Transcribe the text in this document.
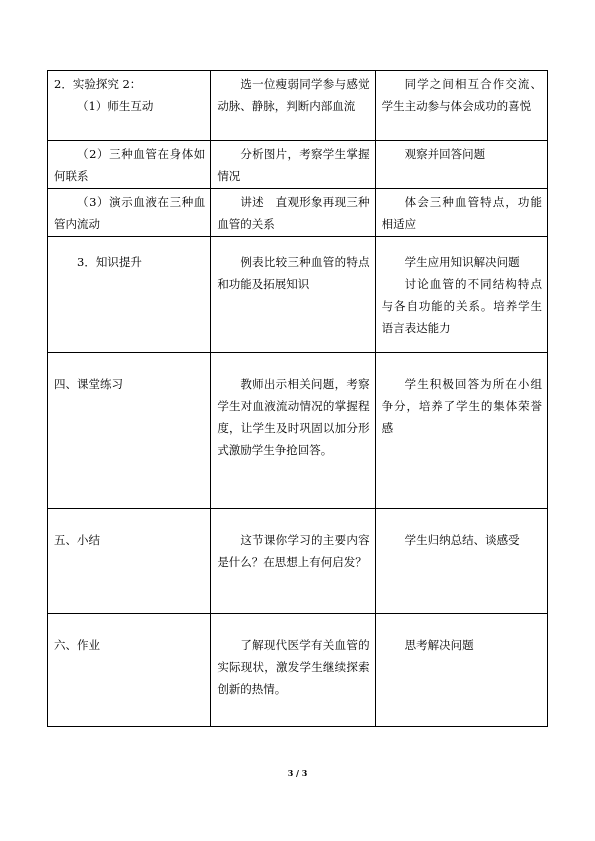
2．实验探究 2：
（1）师生互动	选一位瘦弱同学参与感觉动脉、静脉，判断内部血流	同学之间相互合作交流、学生主动参与体会成功的喜悦

（2）三种血管在身体如何联系	分析图片，考察学生掌握情况	观察并回答问题

（3）演示血液在三种血管内流动	讲述　直观形象再现三种血管的关系	体会三种血管特点，功能相适应

3．知识提升	例表比较三种血管的特点和功能及拓展知识	学生应用知识解决问题
讨论血管的不同结构特点与各自功能的关系。培养学生语言表达能力

四、课堂练习	教师出示相关问题，考察学生对血液流动情况的掌握程度，让学生及时巩固以加分形式激励学生争抢回答。	学生积极回答为所在小组争分，培养了学生的集体荣誉感

五、小结	这节课你学习的主要内容是什么？在思想上有何启发？	学生归纳总结、谈感受

六、作业	了解现代医学有关血管的实际现状，激发学生继续探索创新的热情。	思考解决问题
3 / 3
